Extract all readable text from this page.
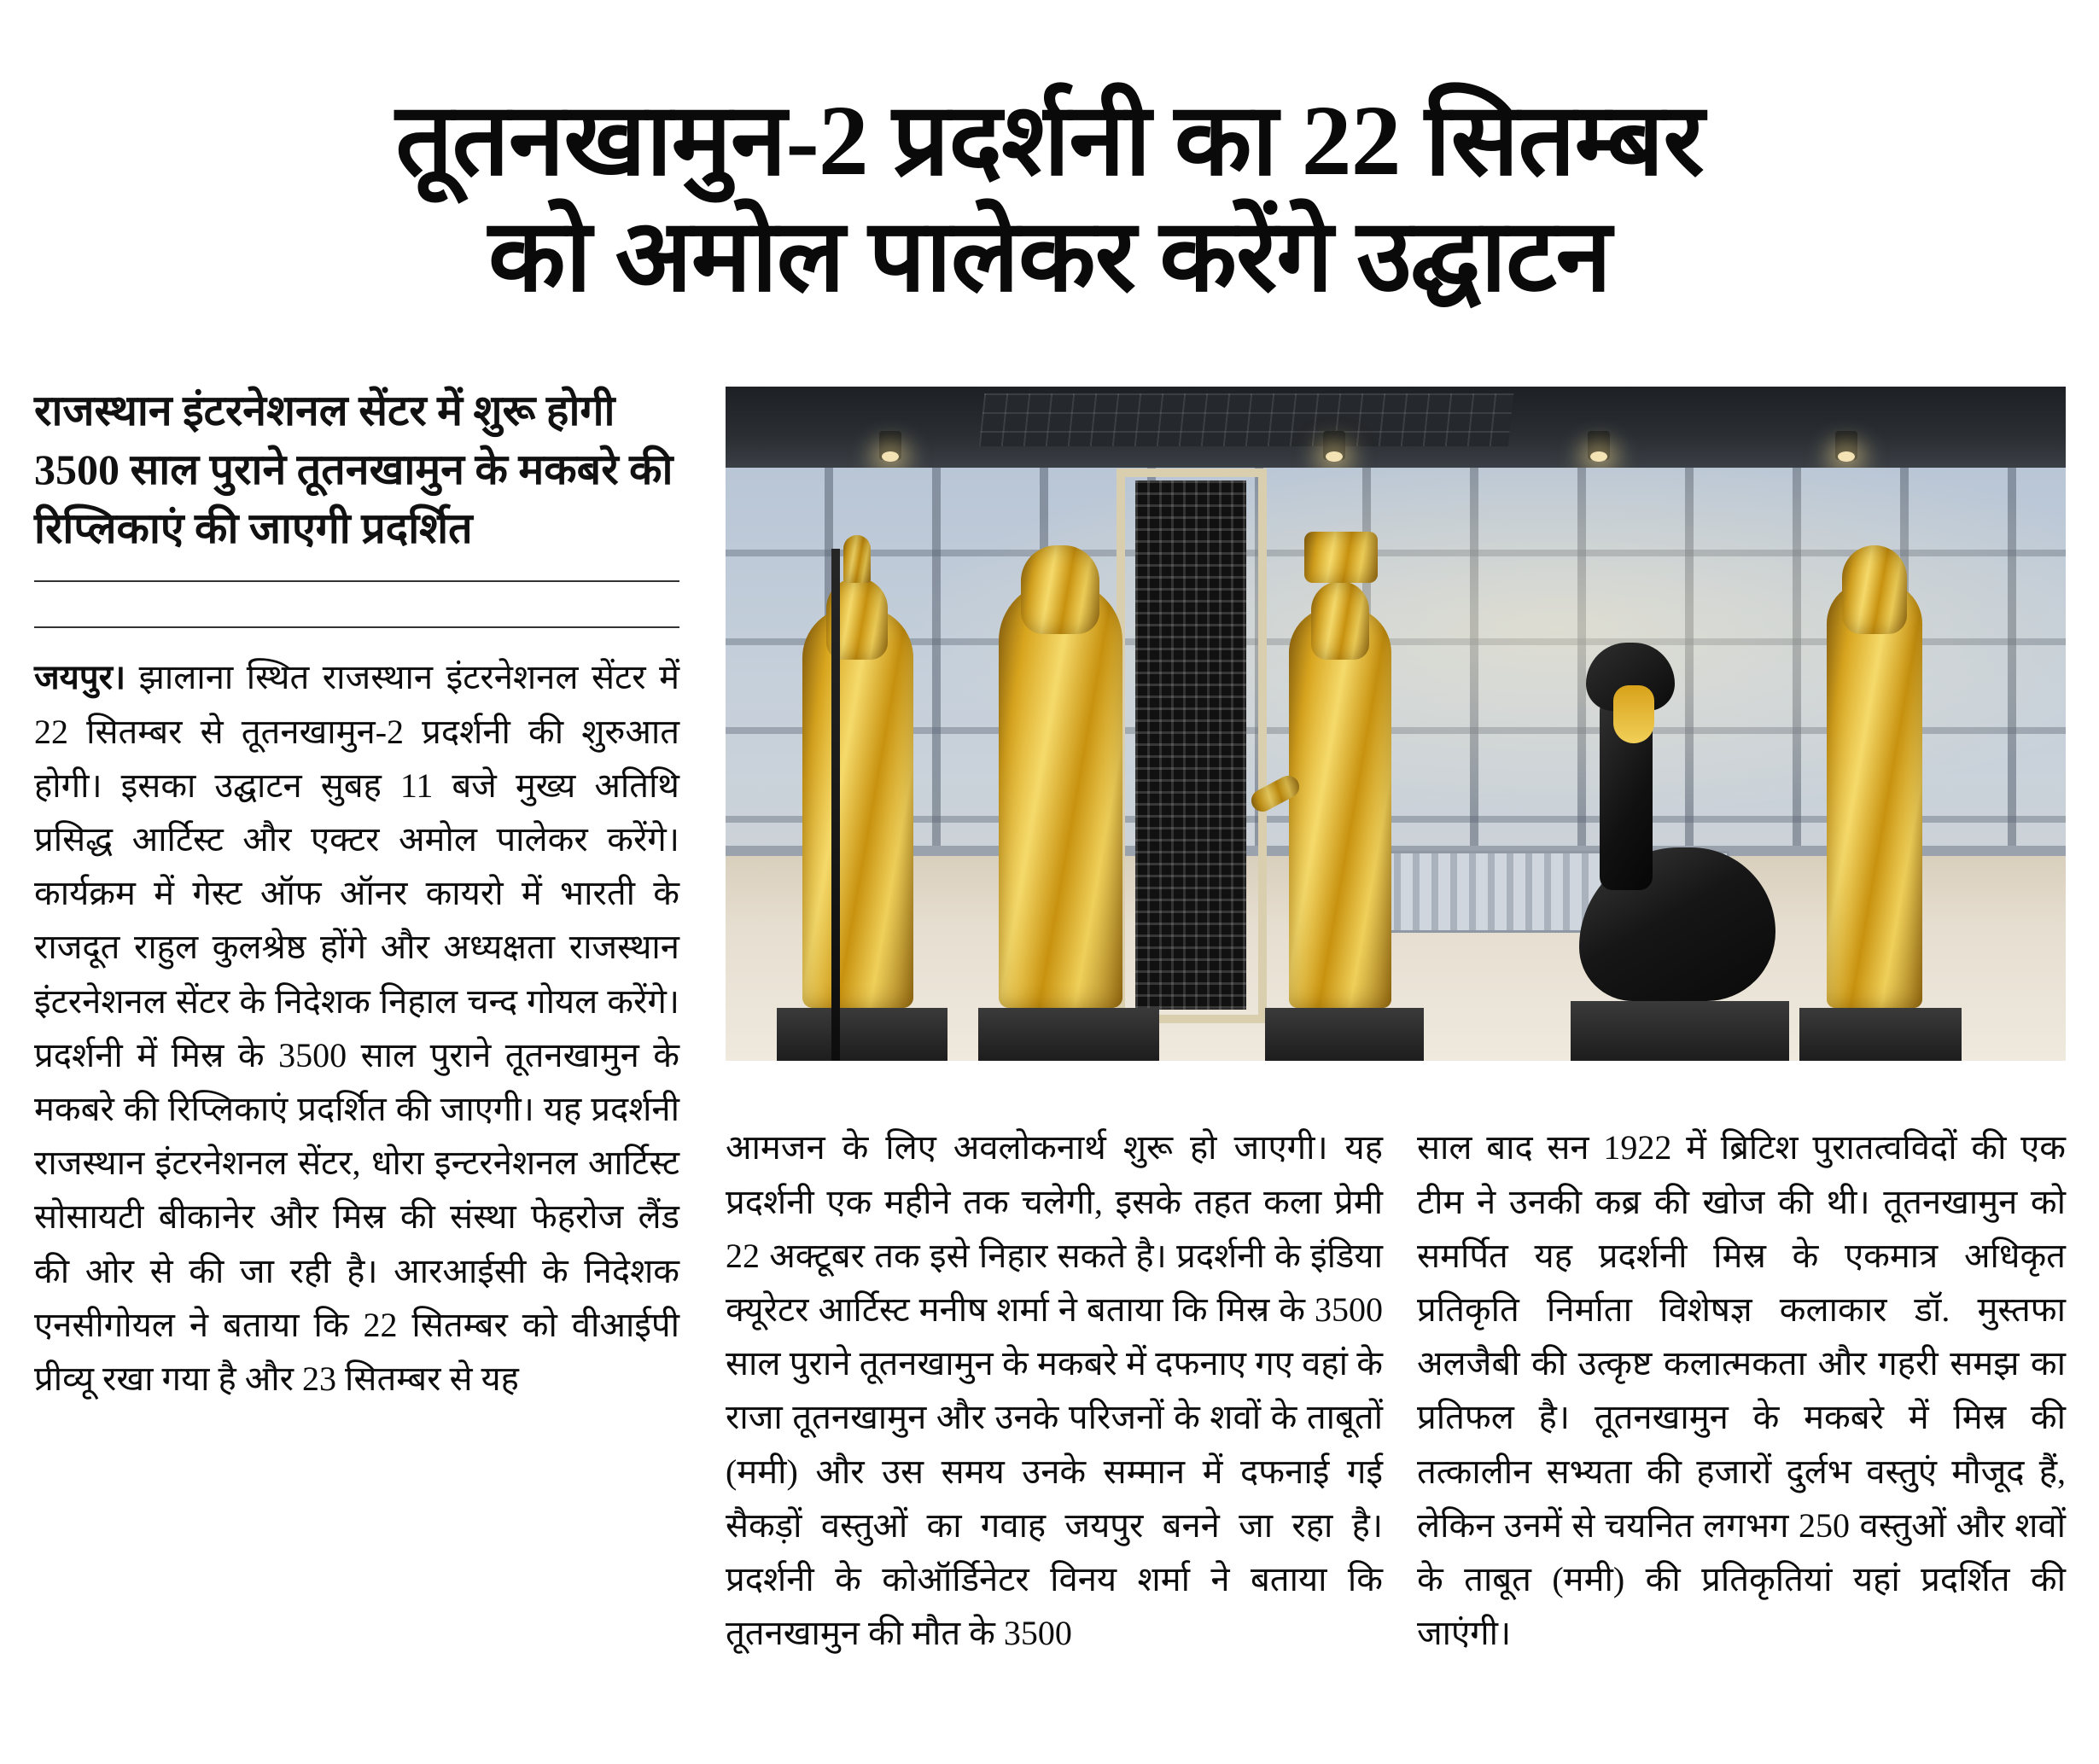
तूतनखामुन-2 प्रदर्शनी का 22 सितम्बर
को अमोल पालेकर करेंगे उद्घाटन
राजस्थान इंटरनेशनल सेंटर में शुरू होगी 3500 साल पुराने तूतनखामुन के मकबरे की रिप्लिकाएं की जाएगी प्रदर्शित

जयपुर। झालाना स्थित राजस्थान इंटरनेशनल सेंटर में 22 सितम्बर से तूतनखामुन-2 प्रदर्शनी की शुरुआत होगी। इसका उद्घाटन सुबह 11 बजे मुख्य अतिथि प्रसिद्ध आर्टिस्ट और एक्टर अमोल पालेकर करेंगे। कार्यक्रम में गेस्ट ऑफ ऑनर कायरो में भारती के राजदूत राहुल कुलश्रेष्ठ होंगे और अध्यक्षता राजस्थान इंटरनेशनल सेंटर के निदेशक निहाल चन्द गोयल करेंगे। प्रदर्शनी में मिस्र के 3500 साल पुराने तूतनखामुन के मकबरे की रिप्लिकाएं प्रदर्शित की जाएगी। यह प्रदर्शनी राजस्थान इंटरनेशनल सेंटर, धोरा इन्टरनेशनल आर्टिस्ट सोसायटी बीकानेर और मिस्र की संस्था फेहरोज लैंड की ओर से की जा रही है। आरआईसी के निदेशक एनसीगोयल ने बताया कि 22 सितम्बर को वीआईपी प्रीव्यू रखा गया है और 23 सितम्बर से यह

आमजन के लिए अवलोकनार्थ शुरू हो जाएगी। यह प्रदर्शनी एक महीने तक चलेगी, इसके तहत कला प्रेमी 22 अक्टूबर तक इसे निहार सकते है। प्रदर्शनी के इंडिया क्यूरेटर आर्टिस्ट मनीष शर्मा ने बताया कि मिस्र के 3500 साल पुराने तूतनखामुन के मकबरे में दफनाए गए वहां के राजा तूतनखामुन और उनके परिजनों के शवों के ताबूतों (ममी) और उस समय उनके सम्मान में दफनाई गई सैकड़ों वस्तुओं का गवाह जयपुर बनने जा रहा है। प्रदर्शनी के कोऑर्डिनेटर विनय शर्मा ने बताया कि तूतनखामुन की मौत के 3500

साल बाद सन 1922 में ब्रिटिश पुरातत्वविदों की एक टीम ने उनकी कब्र की खोज की थी। तूतनखामुन को समर्पित यह प्रदर्शनी मिस्र के एकमात्र अधिकृत प्रतिकृति निर्माता विशेषज्ञ कलाकार डॉ. मुस्तफा अलजैबी की उत्कृष्ट कलात्मकता और गहरी समझ का प्रतिफल है। तूतनखामुन के मकबरे में मिस्र की तत्कालीन सभ्यता की हजारों दुर्लभ वस्तुएं मौजूद हैं, लेकिन उनमें से चयनित लगभग 250 वस्तुओं और शवों के ताबूत (ममी) की प्रतिकृतियां यहां प्रदर्शित की जाएंगी।
